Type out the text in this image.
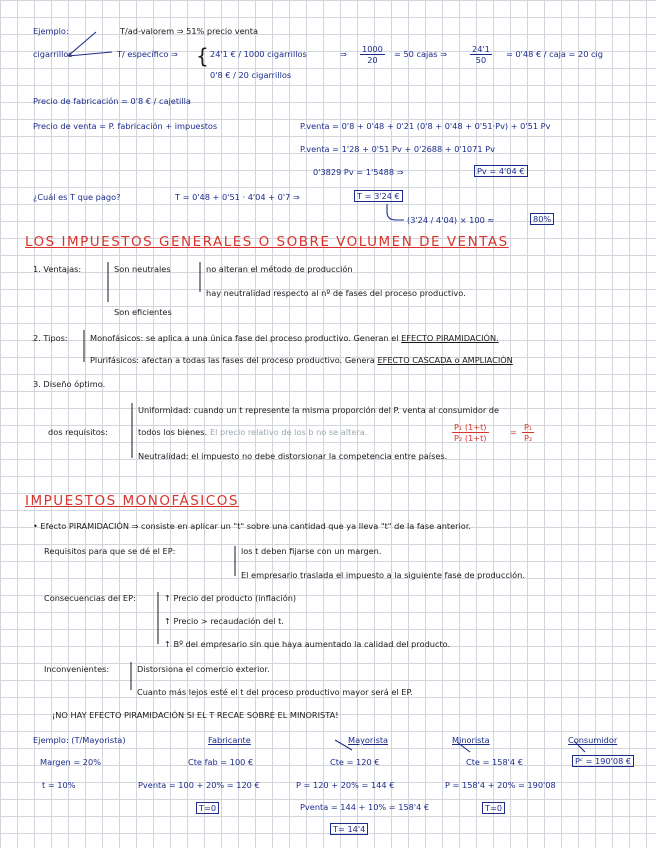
Ejemplo:	T/ad-valorem ⇒ 51% precio venta
cigarrillos	T/ específico ⇒ { 24'1 € / 1000 cigarrillos	⇒ $\frac{1000}{20} = 50$ cajas ⇒	$\frac{24'1}{50} = 0'48$ € / caja = 20 cig
0'8 € / 20 cigarrillos
Precio de fabricación = 0'8 € / cajetilla
Precio de venta = P. fabricación + impuestos	P.venta = 0'8 + 0'48 + 0'21 (0'8 + 0'48 + 0'51·Pv) + 0'51 Pv
P.venta = 1'28 + 0'51 Pv + 0'2688 + 0'1071 Pv
0'3829 Pv = 1'5488 ⇒	Pv = 4'04 €
¿Cuál es T que pago?	T = 0'48 + 0'51 · 4'04 + 0'7 ⇒	T = 3'24 €
(3'24 / 4'04) × 100 ≈	80%
LOS IMPUESTOS GENERALES O SOBRE VOLUMEN DE VENTAS
1. Ventajas:	Son neutrales	no alteran el método de producción
hay neutralidad respecto al nº de fases del proceso productivo.
Son eficientes
2. Tipos:	Monofásicos: se aplica a una única fase del proceso productivo. Generan el EFECTO PIRAMIDACIÓN.
Plurifásicos: afectan a todas las fases del proceso productivo. Genera EFECTO CASCADA o AMPLIACIÓN
3. Diseño óptimo.
Uniformidad: cuando un t represente la misma proporción del P. venta al consumidor de
dos requisitos:	todos los bienes. El precio relativo de los b no se altera.	$\frac{\text{P₁ (1+t)}}{\text{P₂ (1+t)}}$	= $\frac{\text{P₁}}{\text{P₂}}$
Neutralidad: el impuesto no debe distorsionar la competencia entre países.
IMPUESTOS MONOFÁSICOS
• Efecto PIRAMIDACIÓN ⇒ consiste en aplicar un "t" sobre una cantidad que ya lleva "t" de la fase anterior.
Requisitos para que se dé el EP:	los t deben fijarse con un margen.
El empresario traslada el impuesto a la siguiente fase de producción.
Consecuencias del EP:	↑ Precio del producto (inflación)
↑ Precio > recaudación del t.
↑ Bº del empresario sin que haya aumentado la calidad del producto.
Inconvenientes:	Distorsiona el comercio exterior.
Cuanto más lejos esté el t del proceso productivo mayor será el EP.
¡NO HAY EFECTO PIRAMIDACIÓN SI EL T RECAE SOBRE EL MINORISTA!
Ejemplo: (T/Mayorista)	Fabricante	Mayorista	Minorista	Consumidor
Margen = 20%	Cte fab = 100 €	Cte = 120 €	Cte = 158'4 €	Pᶜ = 190'08 €
t = 10%	Pventa = 100 + 20% = 120 €	P = 120 + 20% = 144 €	P = 158'4 + 20% = 190'08
T=0	Pventa = 144 + 10% = 158'4 €	T=0
T= 14'4
